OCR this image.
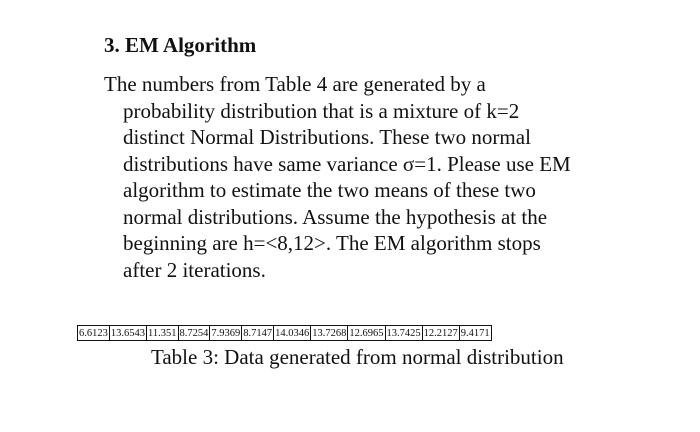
3. EM Algorithm
The numbers from Table 4 are generated by a
probability distribution that is a mixture of k=2
distinct Normal Distributions. These two normal
distributions have same variance σ=1. Please use EM
algorithm to estimate the two means of these two
normal distributions. Assume the hypothesis at the
beginning are h=<8,12>. The EM algorithm stops
after 2 iterations.
6.6123	13.6543	11.351	8.7254	7.9369	8.7147	14.0346	13.7268	12.6965	13.7425	12.2127	9.4171

Table 3: Data generated from normal distribution
